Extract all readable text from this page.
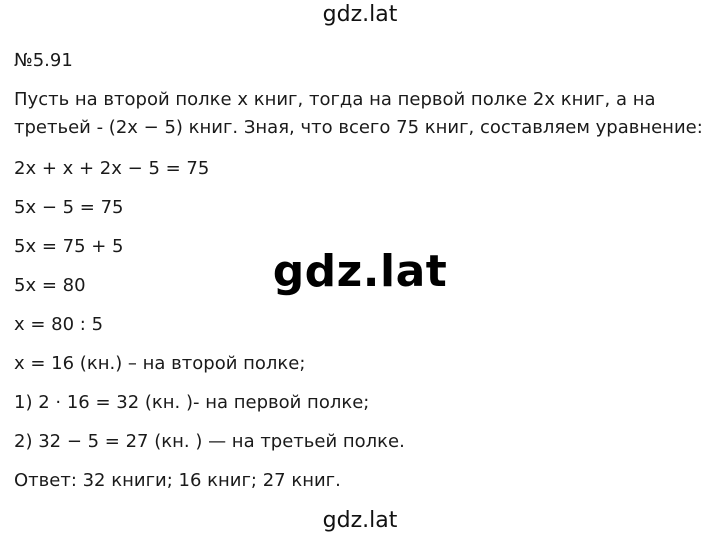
gdz.lat
№5.91
Пусть на второй полке x книг, тогда на первой полке 2x книг, а на
третьей - (2x − 5) книг. Зная, что всего 75 книг, составляем уравнение:
2x + x + 2x − 5 = 75
5x − 5 = 75
5x = 75 + 5
5x = 80
x = 80 : 5
x = 16 (кн.) – на второй полке;
1) 2 · 16 = 32 (кн. )- на первой полке;
2) 32 − 5 = 27 (кн. ) — на третьей полке.
Ответ: 32 книги; 16 книг; 27 книг.
gdz.lat
gdz.lat
